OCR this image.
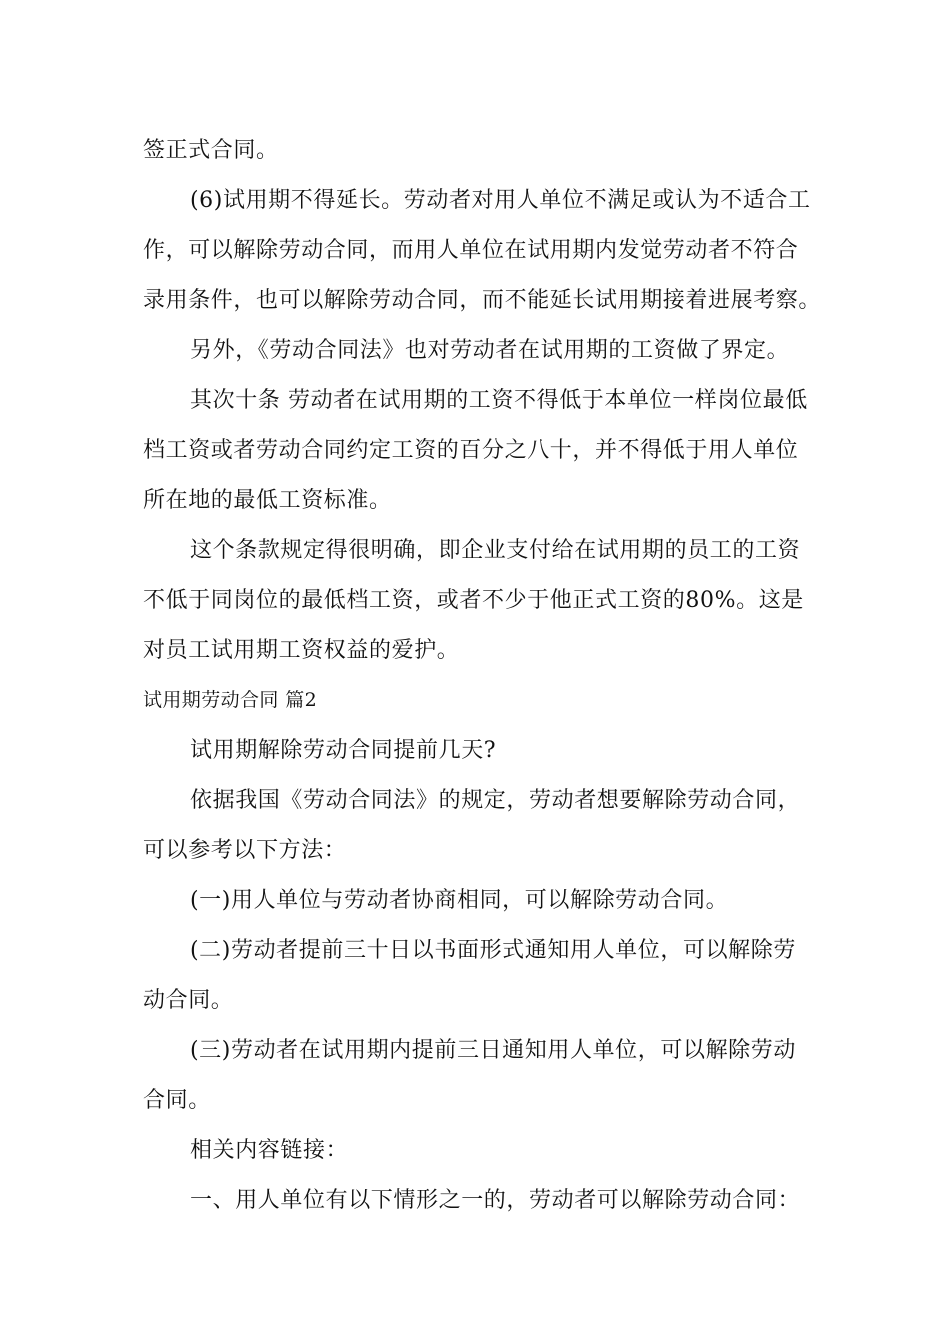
签正式合同。
(6)试用期不得延长。劳动者对用人单位不满足或认为不适合工
作，可以解除劳动合同，而用人单位在试用期内发觉劳动者不符合
录用条件，也可以解除劳动合同，而不能延长试用期接着进展考察。
另外，《劳动合同法》也对劳动者在试用期的工资做了界定。
其次十条 劳动者在试用期的工资不得低于本单位一样岗位最低
档工资或者劳动合同约定工资的百分之八十，并不得低于用人单位
所在地的最低工资标准。
这个条款规定得很明确，即企业支付给在试用期的员工的工资
不低于同岗位的最低档工资，或者不少于他正式工资的80%。这是
对员工试用期工资权益的爱护。
试用期劳动合同 篇2
试用期解除劳动合同提前几天?
依据我国《劳动合同法》的规定，劳动者想要解除劳动合同，
可以参考以下方法：
(一)用人单位与劳动者协商相同，可以解除劳动合同。
(二)劳动者提前三十日以书面形式通知用人单位，可以解除劳
动合同。
(三)劳动者在试用期内提前三日通知用人单位，可以解除劳动
合同。
相关内容链接：
一、用人单位有以下情形之一的，劳动者可以解除劳动合同：
